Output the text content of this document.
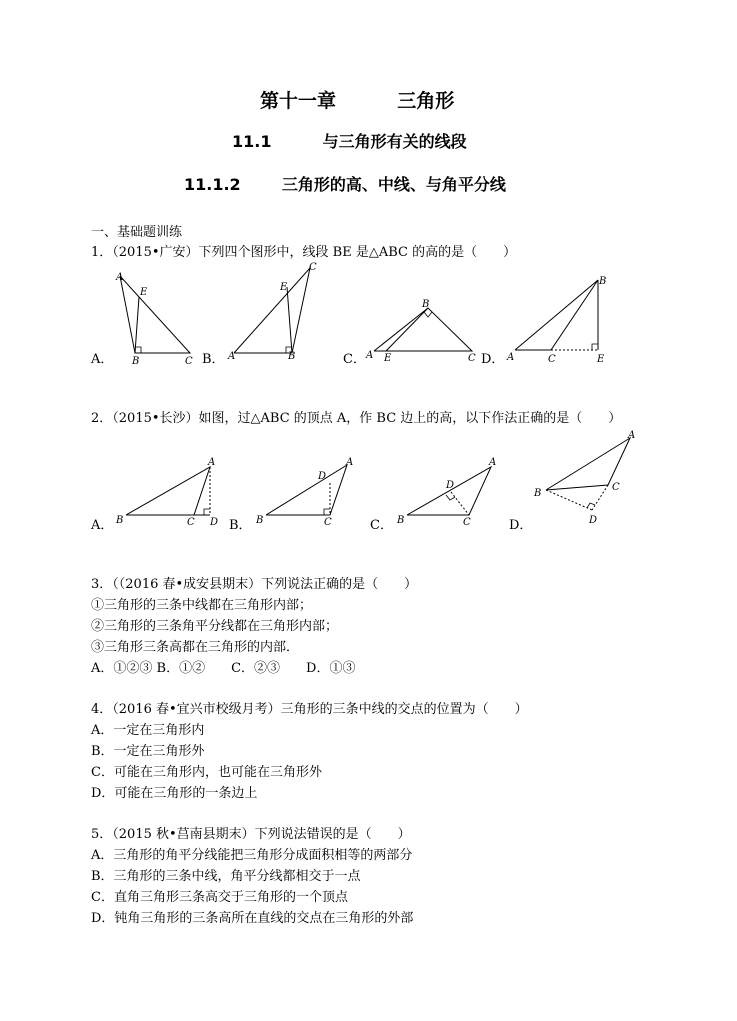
第十一章	三角形
11.1	与三角形有关的线段
11.1.2	三角形的高、中线、与角平分线
一、基础题训练
1．（2015•广安）下列四个图形中，线段 BE 是△ABC 的高的是（　　）
A．
A
E
B	C B．
C
E
A	B	C．
B
A E	C D．
B
A	C	E
2．（2015•长沙）如图，过△ABC 的顶点 A，作 BC 边上的高，以下作法正确的是（　　）
A．
A
B	C D B．
A
D
B	C	C．
A
D
B	C	D．
A
B
C
D
3．（（2016 春•成安县期末）下列说法正确的是（　　）
①三角形的三条中线都在三角形内部；
②三角形的三条角平分线都在三角形内部；
③三角形三条高都在三角形的内部．
A．①②③ B．①②　　C．②③　　D．①③
4．（2016 春•宜兴市校级月考）三角形的三条中线的交点的位置为（　　）
A．一定在三角形内
B．一定在三角形外
C．可能在三角形内，也可能在三角形外
D．可能在三角形的一条边上
5．（2015 秋•莒南县期末）下列说法错误的是（　　）
A．三角形的角平分线能把三角形分成面积相等的两部分
B．三角形的三条中线，角平分线都相交于一点
C．直角三角形三条高交于三角形的一个顶点
D．钝角三角形的三条高所在直线的交点在三角形的外部
